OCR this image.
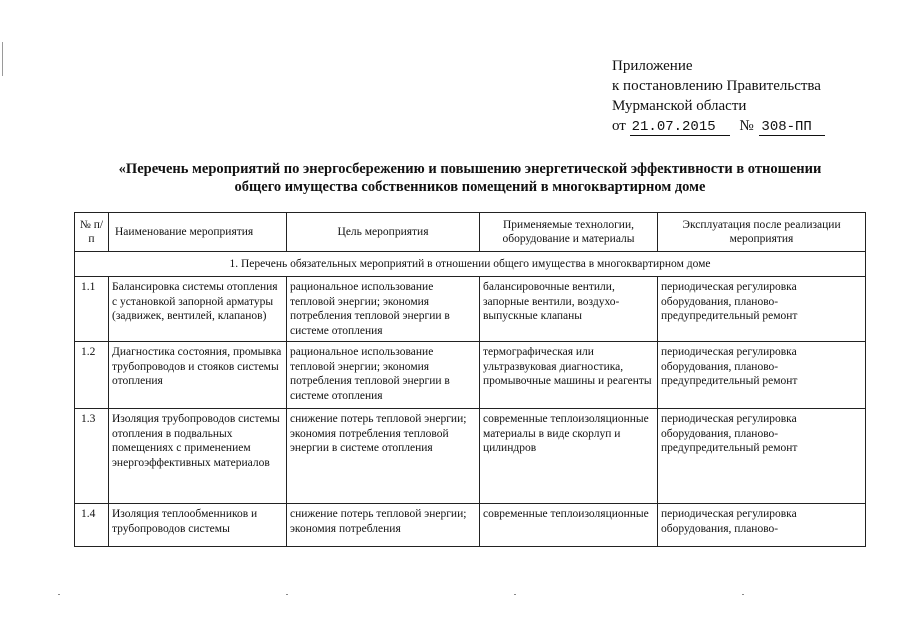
Приложение
к постановлению Правительства
Мурманской области
от 21.07.2015 № 308-ПП
«Перечень мероприятий по энергосбережению и повышению энергетической эффективности в отношении
общего имущества собственников помещений в многоквартирном доме
№ п/п	Наименование мероприятия	Цель мероприятия	Применяемые технологии, оборудование и материалы	Эксплуатация после реализации мероприятия
1. Перечень обязательных мероприятий в отношении общего имущества в многоквартирном доме				
1.1	Балансировка системы отопления с установкой запорной арматуры (задвижек, вентилей, клапанов)	рациональное использование тепловой энергии; экономия потребления тепловой энергии в системе отопления	балансировочные вентили, запорные вентили, воздухо-выпускные клапаны	периодическая регулировка оборудования, планово-предупредительный ремонт
1.2	Диагностика состояния, промывка трубопроводов и стояков системы отопления	рациональное использование тепловой энергии; экономия потребления тепловой энергии в системе отопления	термографическая или ультразвуковая диагностика, промывочные машины и реагенты	периодическая регулировка оборудования, планово-предупредительный ремонт
1.3	Изоляция трубопроводов системы отопления в подвальных помещениях с применением энергоэффективных материалов	снижение потерь тепловой энергии; экономия потребления тепловой энергии в системе отопления	современные теплоизоляционные материалы в виде скорлуп и цилиндров	периодическая регулировка оборудования, планово-предупредительный ремонт

1.4	Изоляция теплообменников и трубопроводов системы	снижение потерь тепловой энергии; экономия потребления	современные теплоизоляционные	периодическая регулировка оборудования, планово-
